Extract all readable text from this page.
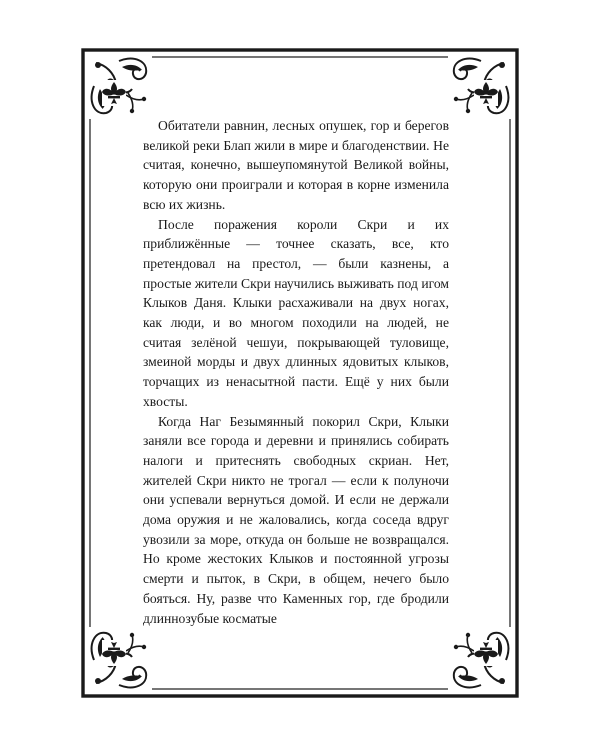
Обитатели равнин, лесных опушек, гор и берегов великой реки Блап жили в мире и благоденствии. Не считая, конечно, вышеупомянутой Великой войны, которую они проиграли и которая в корне изменила всю их жизнь.

После поражения короли Скри и их приближённые — точнее сказать, все, кто претендовал на престол, — были казнены, а простые жители Скри научились выживать под игом Клыков Даня. Клыки расхаживали на двух ногах, как люди, и во многом походили на людей, не считая зелёной чешуи, покрывающей туловище, змеиной морды и двух длинных ядовитых клыков, торчащих из ненасытной пасти. Ещё у них были хвосты.

Когда Наг Безымянный покорил Скри, Клыки заняли все города и деревни и принялись собирать налоги и притеснять свободных скриан. Нет, жителей Скри никто не трогал — если к полуночи они успевали вернуться домой. И если не держали дома оружия и не жаловались, когда соседа вдруг увозили за море, откуда он больше не возвращался. Но кроме жестоких Клыков и постоянной угрозы смерти и пыток, в Скри, в общем, нечего было бояться. Ну, разве что Каменных гор, где бродили длиннозубые косматые
